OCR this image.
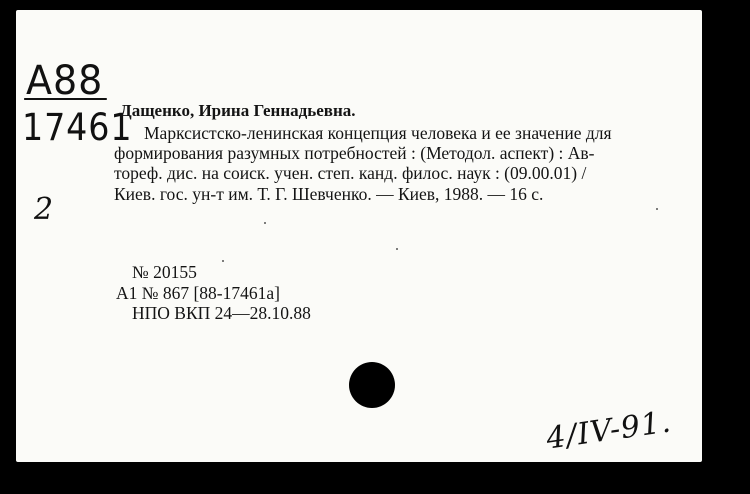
А88
17461
2
Дащенко, Ирина Геннадьевна.
Марксистско-ленинская концепция человека и ее значение для
формирования разумных потребностей : (Методол. аспект) : Ав-
тореф. дис. на соиск. учен. степ. канд. филос. наук : (09.00.01) /
Киев. гос. ун-т им. Т. Г. Шевченко. — Киев, 1988. — 16 с.
№ 20155
А1 № 867 [88-17461а]
НПО ВКП 24—28.10.88
4/IV-91.
